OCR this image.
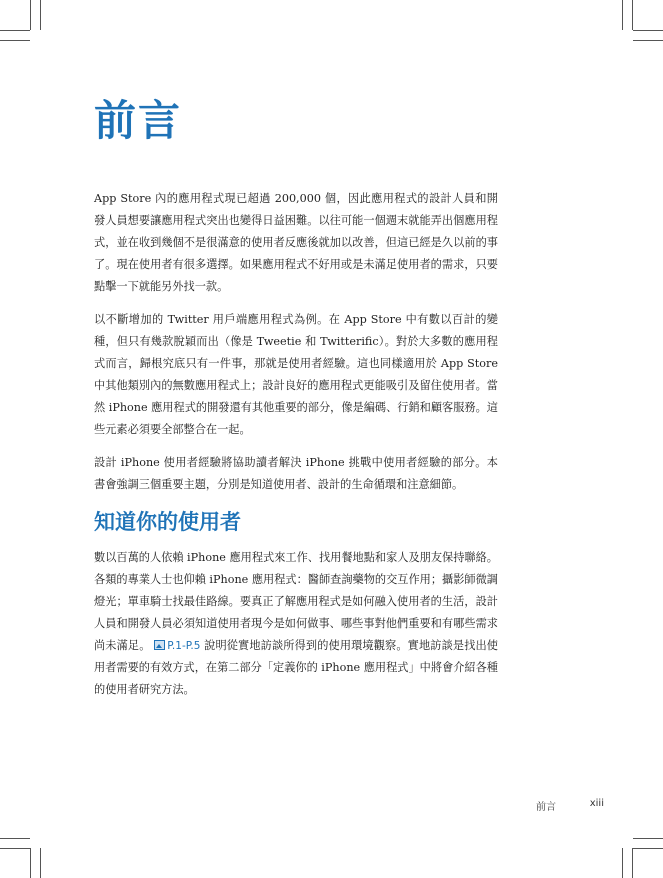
前言

App Store 內的應用程式現已超過 200,000 個，因此應用程式的設計人員和開發人員想要讓應用程式突出也變得日益困難。以往可能一個週末就能弄出個應用程式，並在收到幾個不是很滿意的使用者反應後就加以改善，但這已經是久以前的事了。現在使用者有很多選擇。如果應用程式不好用或是未滿足使用者的需求，只要點擊一下就能另外找一款。

以不斷增加的 Twitter 用戶端應用程式為例。在 App Store 中有數以百計的變種，但只有幾款脫穎而出（像是 Tweetie 和 Twitterific）。對於大多數的應用程式而言，歸根究底只有一件事，那就是使用者經驗。這也同樣適用於 App Store 中其他類別內的無數應用程式上；設計良好的應用程式更能吸引及留住使用者。當然 iPhone 應用程式的開發還有其他重要的部分，像是編碼、行銷和顧客服務。這些元素必須要全部整合在一起。

設計 iPhone 使用者經驗將協助讀者解決 iPhone 挑戰中使用者經驗的部分。本書會強調三個重要主題，分別是知道使用者、設計的生命循環和注意細節。

知道你的使用者

數以百萬的人依賴 iPhone 應用程式來工作、找用餐地點和家人及朋友保持聯絡。各類的專業人士也仰賴 iPhone 應用程式：醫師查詢藥物的交互作用；攝影師微調燈光；單車騎士找最佳路線。要真正了解應用程式是如何融入使用者的生活，設計人員和開發人員必須知道使用者現今是如何做事、哪些事對他們重要和有哪些需求尚未滿足。 P.1-P.5 說明從實地訪談所得到的使用環境觀察。實地訪談是找出使用者需要的有效方式，在第二部分「定義你的 iPhone 應用程式」中將會介紹各種的使用者研究方法。

前言	xiii
